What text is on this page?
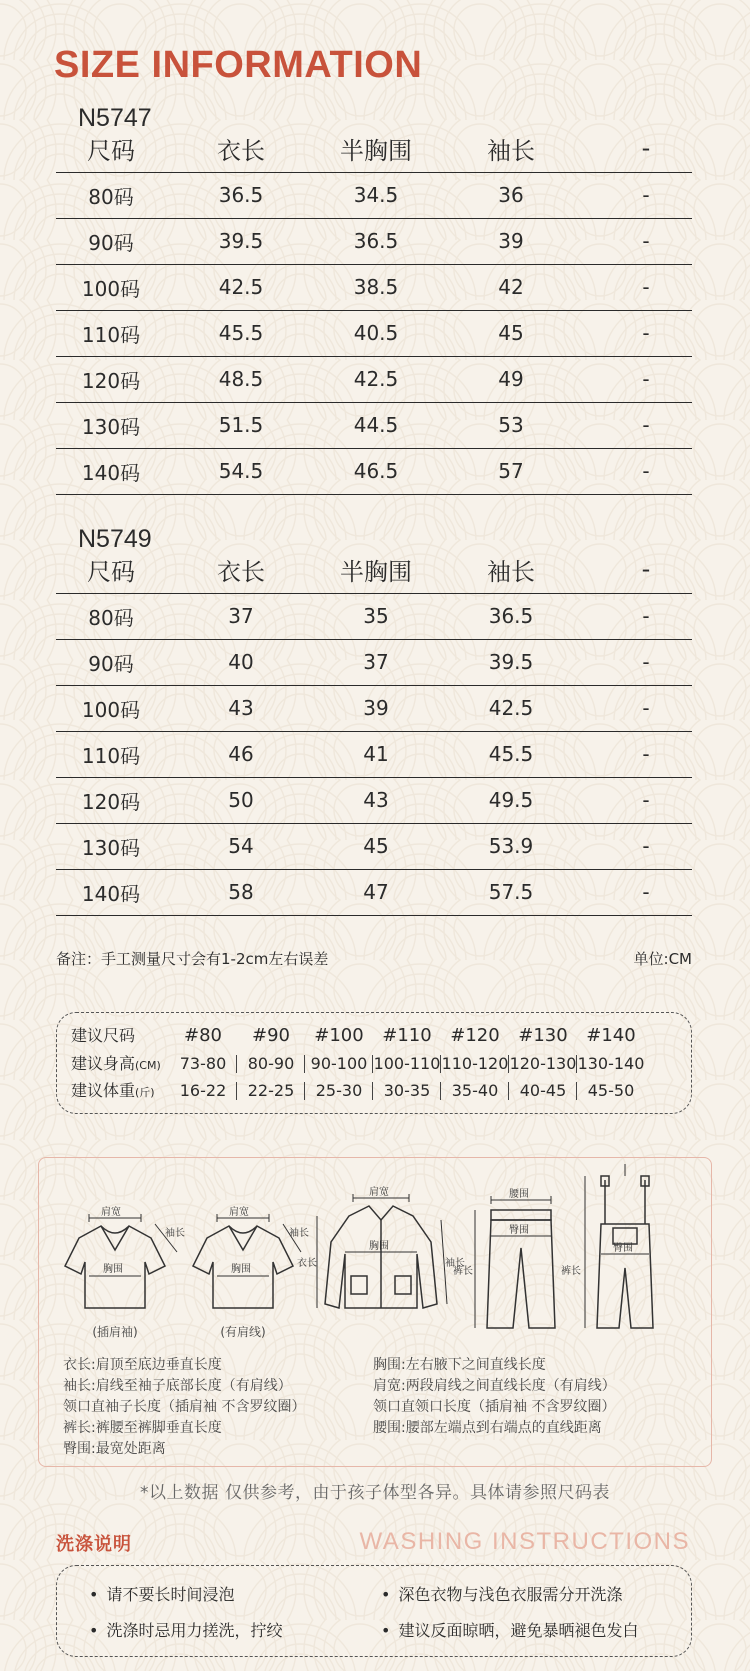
SIZE INFORMATION
N5747
尺码	衣长	半胸围	袖长	-
80码	36.5	34.5	36	-
90码	39.5	36.5	39	-
100码	42.5	38.5	42	-
110码	45.5	40.5	45	-
120码	48.5	42.5	49	-
130码	51.5	44.5	53	-
140码	54.5	46.5	57	-
N5749
尺码	衣长	半胸围	袖长	-
80码	37	35	36.5	-
90码	40	37	39.5	-
100码	43	39	42.5	-
110码	46	41	45.5	-
120码	50	43	49.5	-
130码	54	45	53.9	-
140码	58	47	57.5	-
备注：手工测量尺寸会有1-2cm左右误差	单位:CM
建议尺码	#80	#90	#100	#110	#120	#130	#140
建议身高(CM)	73-80	80-90	90-100 100-110 110-120 120-130 130-140
建议体重(斤)	16-22	22-25	25-30	30-35	35-40	40-45	45-50
肩宽
袖长
胸围
肩宽
袖长
胸围
肩宽
衣长
胸围
袖长
腰围
臀围
裤长
臀围
裤长
(插肩袖)	(有肩线)
衣长:肩顶至底边垂直长度
袖长:肩线至袖子底部长度（有肩线）
领口直袖子长度（插肩袖 不含罗纹圈）
裤长:裤腰至裤脚垂直长度
臀围:最宽处距离
胸围:左右腋下之间直线长度
肩宽:两段肩线之间直线长度（有肩线）
领口直领口长度（插肩袖 不含罗纹圈）
腰围:腰部左端点到右端点的直线距离
*以上数据 仅供参考，由于孩子体型各异。具体请参照尺码表
洗涤说明	WASHING INSTRUCTIONS
• 请不要长时间浸泡	• 深色衣物与浅色衣服需分开洗涤
• 洗涤时忌用力搓洗，拧绞	• 建议反面晾晒，避免暴晒褪色发白
